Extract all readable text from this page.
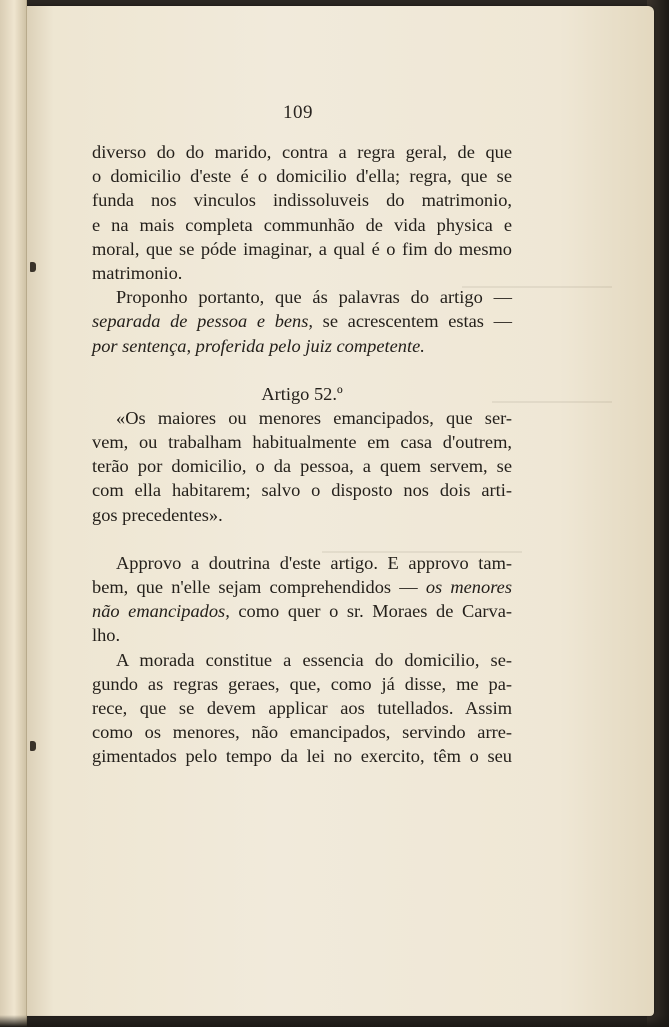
109
diverso do do marido, contra a regra geral, de que
o domicilio d'este é o domicilio d'ella; regra, que se
funda nos vinculos indissoluveis do matrimonio,
e na mais completa communhão de vida physica e
moral, que se póde imaginar, a qual é o fim do mesmo
matrimonio.
Proponho portanto, que ás palavras do artigo —
separada de pessoa e bens, se acrescentem estas —
por sentença, proferida pelo juiz competente.
Artigo 52.º
«Os maiores ou menores emancipados, que ser-
vem, ou trabalham habitualmente em casa d'outrem,
terão por domicilio, o da pessoa, a quem servem, se
com ella habitarem; salvo o disposto nos dois arti-
gos precedentes».
Approvo a doutrina d'este artigo. E approvo tam-
bem, que n'elle sejam comprehendidos — os menores
não emancipados, como quer o sr. Moraes de Carva-
lho.
A morada constitue a essencia do domicilio, se-
gundo as regras geraes, que, como já disse, me pa-
rece, que se devem applicar aos tutellados. Assim
como os menores, não emancipados, servindo arre-
gimentados pelo tempo da lei no exercito, têm o seu
